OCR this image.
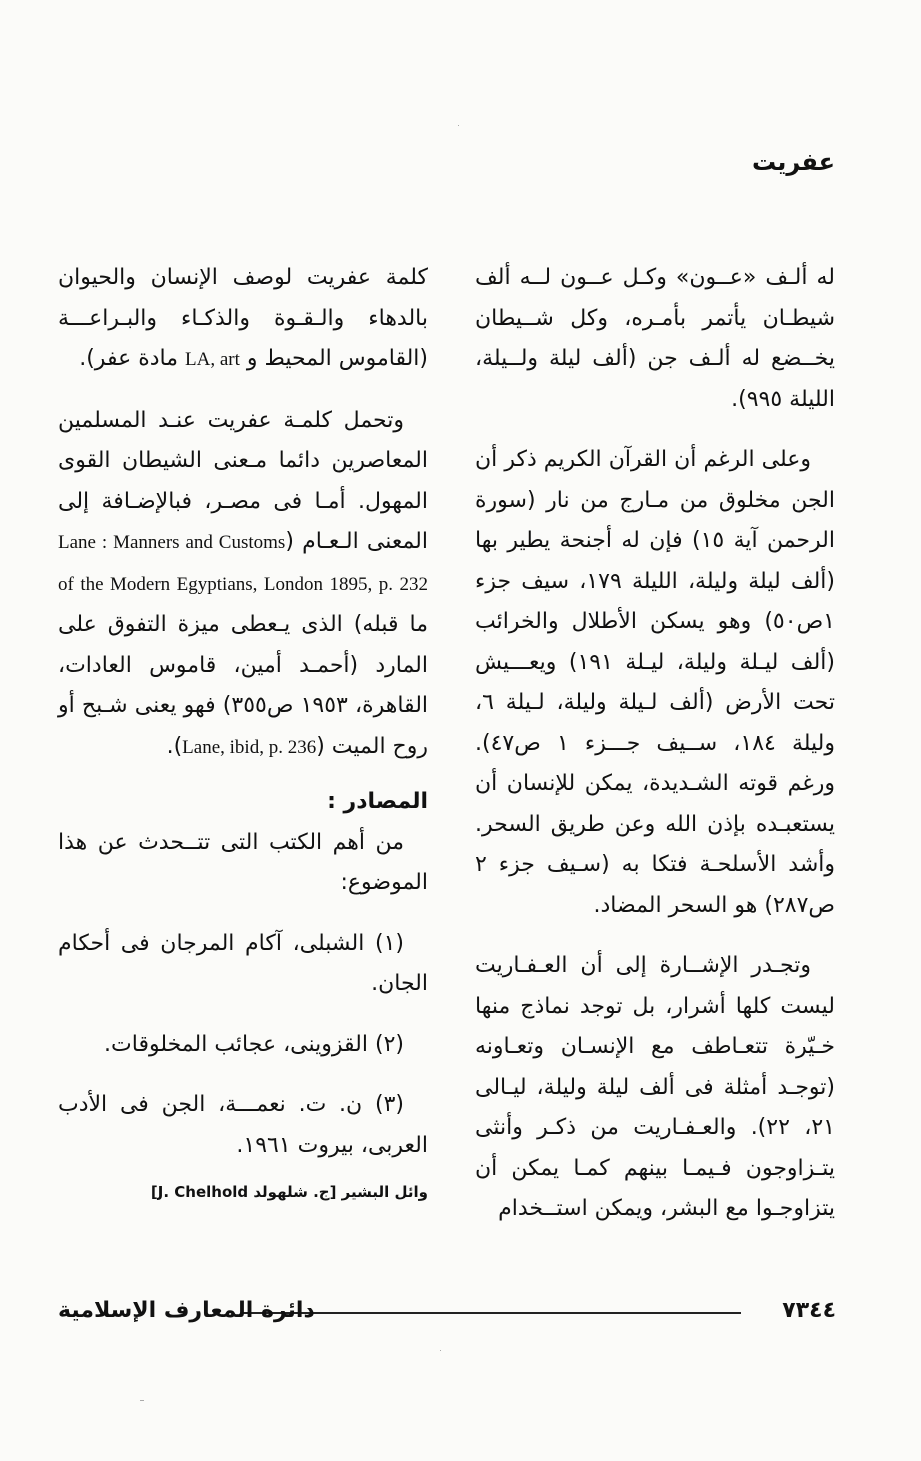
عفريت

له ألـف «عــون» وكـل عــون لــه ألف شيطـان يأتمر بأمـره، وكل شــيطان يخــضع له ألـف جن (ألف ليلة ولــيلة، الليلة ٩٩٥).

وعلى الرغم أن القرآن الكريم ذكر أن الجن مخلوق من مـارج من نار (سورة الرحمن آية ١٥) فإن له أجنحة يطير بها (ألف ليلة وليلة، الليلة ١٧٩، سيف جزء ١ص٥٠) وهو يسكن الأطلال والخرائب (ألف ليـلة وليلة، ليـلة ١٩١) ويعـــيش تحت الأرض (ألف لـيلة وليلة، لـيلة ٦، وليلة ١٨٤، ســيف جـــزء ١ ص٤٧). ورغم قوته الشـديدة، يمكن للإنسان أن يستعبـده بإذن الله وعن طريق السحر. وأشد الأسلحـة فتكا به (سـيف جزء ٢ ص٢٨٧) هو السحر المضاد.

وتجـدر الإشــارة إلى أن العـفـاريت ليست كلها أشرار، بل توجد نماذج منها خـيّرة تتعـاطف مع الإنسـان وتعـاونه (توجـد أمثلة فى ألف ليلة وليلة، ليـالى ٢١، ٢٢). والعـفـاريت من ذكـر وأنثى يتـزاوجون فـيمـا بينهم كمـا يمكن أن يتزاوجـوا مع البشر، ويمكن استــخدام

كلمة عفريت لوصف الإنسان والحيوان بالدهاء والـقـوة والذكـاء والبـراعـــة (القاموس المحيط و LA, art مادة عفر).

وتحمل كلمـة عفريت عنـد المسلمين المعاصرين دائما مـعنى الشيطان القوى المهول. أمـا فى مصـر، فبالإضـافة إلى المعنى الـعـام (Lane : Manners and Customs of the Modern Egyptians, London 1895, p. 232 ما قبله) الذى يـعطى ميزة التفوق على المارد (أحمـد أمين، قاموس العادات، القاهرة، ١٩٥٣ ص٣٥٥) فهو يعنى شـبح أو روح الميت (Lane, ibid, p. 236).

المصادر :

من أهم الكتب التى تتــحدث عن هذا الموضوع:

(١) الشبلى، آكام المرجان فى أحكام الجان.

(٢) القزوينى، عجائب المخلوقات.

(٣) ن. ت. نعمـــة، الجن فى الأدب العربى، بيروت ١٩٦١.

وائل البشير [ج. شلهولد J. Chelhold]

٧٣٤٤
دائرة المعارف الإسلامية
